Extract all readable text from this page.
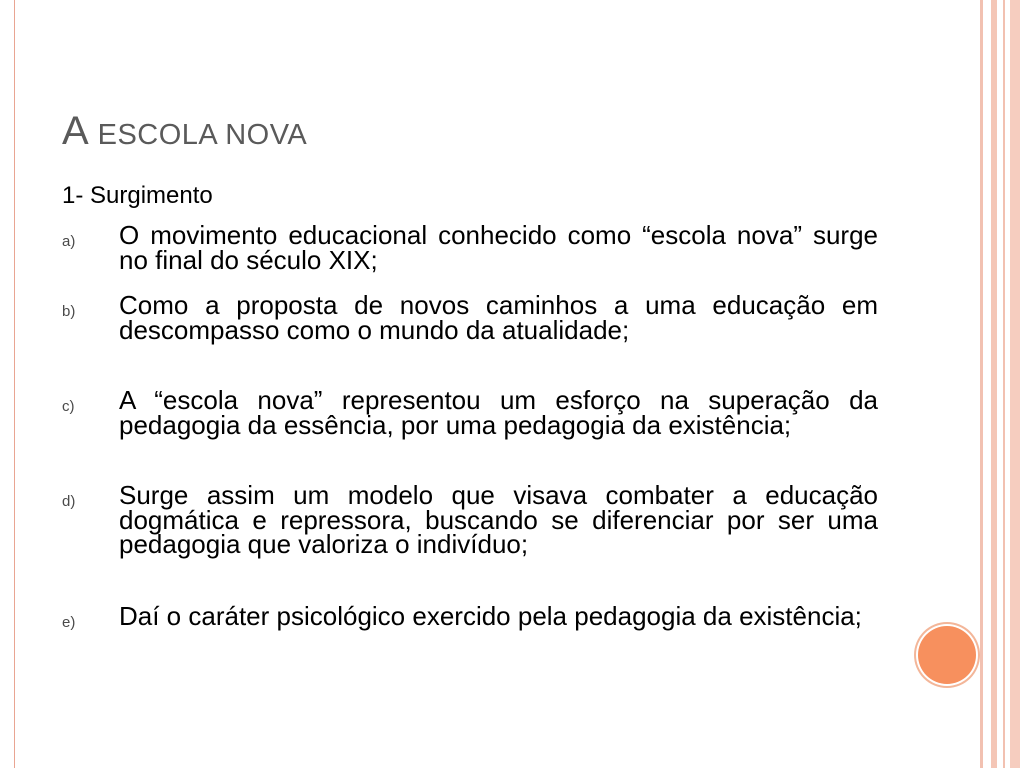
A ESCOLA NOVA
1- Surgimento
a) O movimento educacional conhecido como “escola nova” surge no final do século XIX;
b) Como a proposta de novos caminhos a uma educação em descompasso como o mundo da atualidade;
c) A “escola nova” representou um esforço na superação da pedagogia da essência, por uma pedagogia da existência;
d) Surge assim um modelo que visava combater a educação dogmática e repressora, buscando se diferenciar por ser uma pedagogia que valoriza o indivíduo;
e) Daí o caráter psicológico exercido pela pedagogia da existência;
